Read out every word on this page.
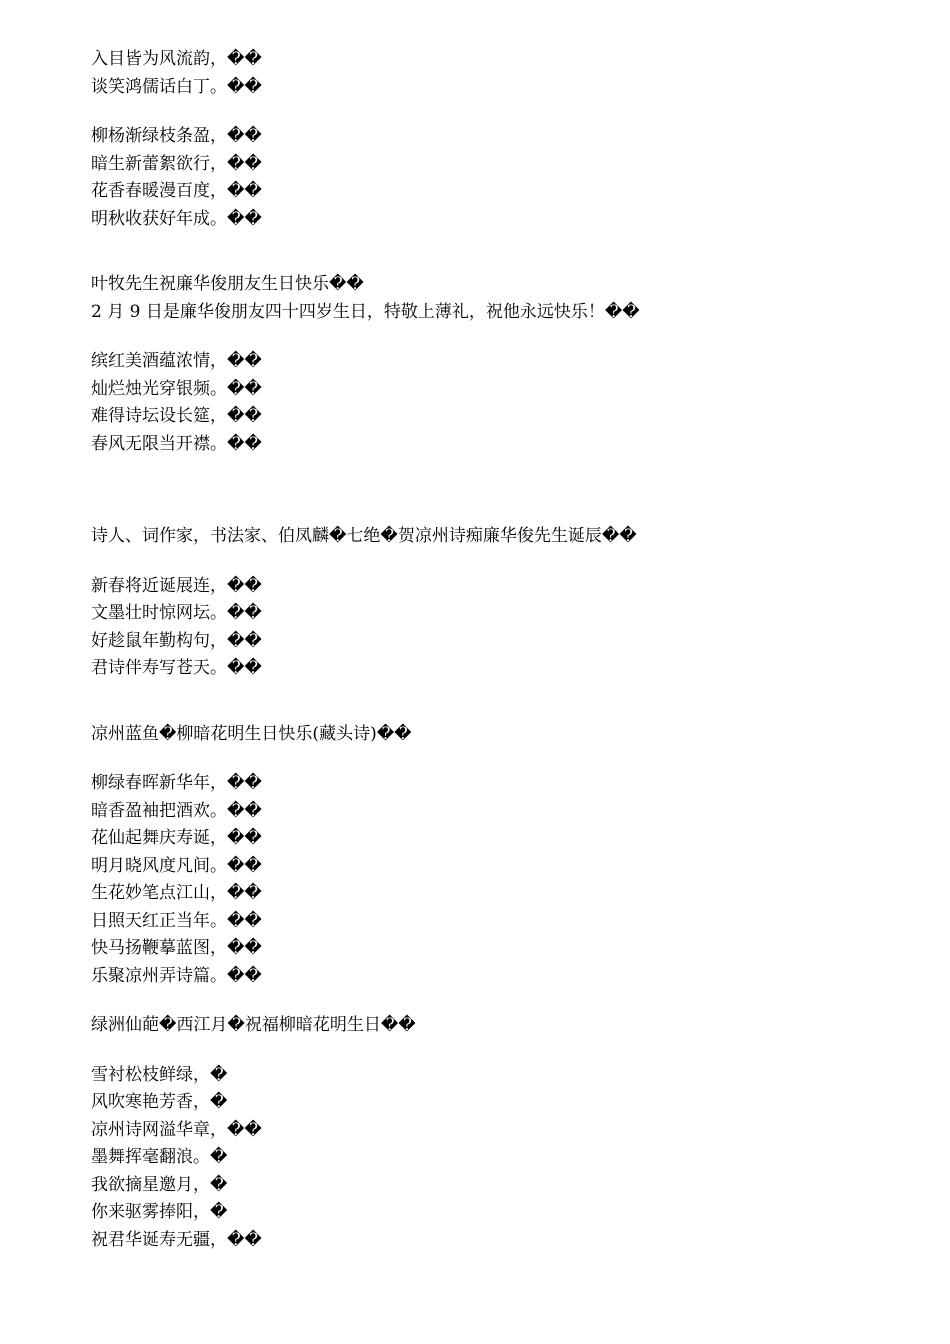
入目皆为风流韵，��
谈笑鸿儒话白丁。��
柳杨渐绿枝条盈，��
暗生新蕾絮欲行，��
花香春暖漫百度，��
明秋收获好年成。��
叶牧先生祝廉华俊朋友生日快乐��
2 月 9 日是廉华俊朋友四十四岁生日，特敬上薄礼，祝他永远快乐！��
缤红美酒蕴浓情，��
灿烂烛光穿银频。��
难得诗坛设长筵，��
春风无限当开襟。��
诗人、词作家，书法家、伯凤麟�七绝�贺凉州诗痴廉华俊先生诞辰��
新春将近诞展连，��
文墨壮时惊网坛。��
好趁鼠年勤构句，��
君诗伴寿写苍天。��
凉州蓝鱼�柳暗花明生日快乐(藏头诗)��
柳绿春晖新华年，��
暗香盈袖把酒欢。��
花仙起舞庆寿诞，��
明月晓风度凡间。��
生花妙笔点江山，��
日照天红正当年。��
快马扬鞭摹蓝图，��
乐聚凉州弄诗篇。��
绿洲仙葩�西江月�祝福柳暗花明生日��
雪衬松枝鲜绿，�
风吹寒艳芳香，�
凉州诗网溢华章，��
墨舞挥毫翻浪。�
我欲摘星邀月，�
你来驱雾捧阳，�
祝君华诞寿无疆，��
